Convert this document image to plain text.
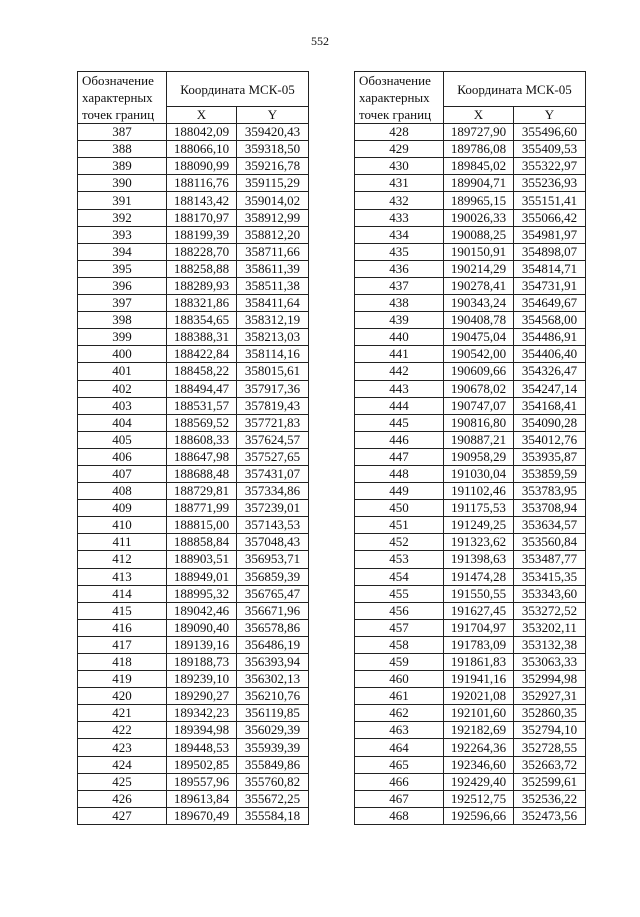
552
Обозначение характерных точек границ	Координата МСК-05	
	X	Y
387	188042,09	359420,43
388	188066,10	359318,50
389	188090,99	359216,78
390	188116,76	359115,29
391	188143,42	359014,02
392	188170,97	358912,99
393	188199,39	358812,20
394	188228,70	358711,66
395	188258,88	358611,39
396	188289,93	358511,38
397	188321,86	358411,64
398	188354,65	358312,19
399	188388,31	358213,03
400	188422,84	358114,16
401	188458,22	358015,61
402	188494,47	357917,36
403	188531,57	357819,43
404	188569,52	357721,83
405	188608,33	357624,57
406	188647,98	357527,65
407	188688,48	357431,07
408	188729,81	357334,86
409	188771,99	357239,01
410	188815,00	357143,53
411	188858,84	357048,43
412	188903,51	356953,71
413	188949,01	356859,39
414	188995,32	356765,47
415	189042,46	356671,96
416	189090,40	356578,86
417	189139,16	356486,19
418	189188,73	356393,94
419	189239,10	356302,13
420	189290,27	356210,76
421	189342,23	356119,85
422	189394,98	356029,39
423	189448,53	355939,39
424	189502,85	355849,86
425	189557,96	355760,82
426	189613,84	355672,25
427	189670,49	355584,18
Обозначение характерных точек границ	Координата МСК-05	
	X	Y
428	189727,90	355496,60
429	189786,08	355409,53
430	189845,02	355322,97
431	189904,71	355236,93
432	189965,15	355151,41
433	190026,33	355066,42
434	190088,25	354981,97
435	190150,91	354898,07
436	190214,29	354814,71
437	190278,41	354731,91
438	190343,24	354649,67
439	190408,78	354568,00
440	190475,04	354486,91
441	190542,00	354406,40
442	190609,66	354326,47
443	190678,02	354247,14
444	190747,07	354168,41
445	190816,80	354090,28
446	190887,21	354012,76
447	190958,29	353935,87
448	191030,04	353859,59
449	191102,46	353783,95
450	191175,53	353708,94
451	191249,25	353634,57
452	191323,62	353560,84
453	191398,63	353487,77
454	191474,28	353415,35
455	191550,55	353343,60
456	191627,45	353272,52
457	191704,97	353202,11
458	191783,09	353132,38
459	191861,83	353063,33
460	191941,16	352994,98
461	192021,08	352927,31
462	192101,60	352860,35
463	192182,69	352794,10
464	192264,36	352728,55
465	192346,60	352663,72
466	192429,40	352599,61
467	192512,75	352536,22
468	192596,66	352473,56
